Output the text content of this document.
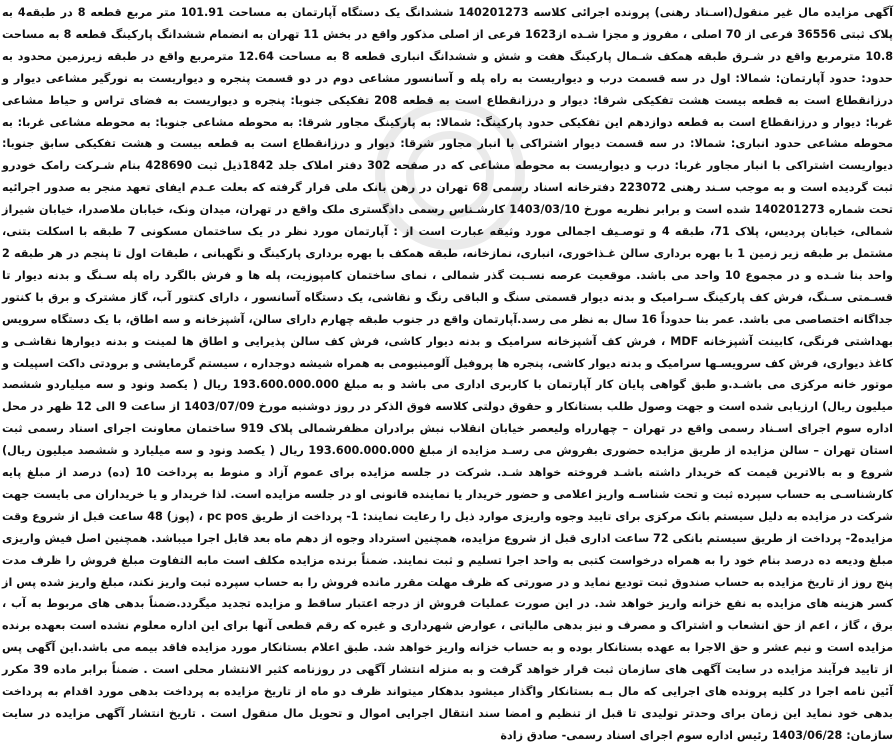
آگهی مزایده مال غیر منقول(اسـناد رهنی) پرونده اجرائی کلاسه 140201273 ششدانگ یک دستگاه آپارتمان به مساحت 101.91 متر مربع قطعه 8 در طبقه4 به پلاک ثبتی 36556 فرعی از 70 اصلی ، مفروز و مجزا شـده از1623 فرعی از اصلی مذکور واقع در بخش 11 تهران به انضمام ششدانگ پارکینگ قطعه 8 به مساحت 10.8 مترمربع واقع در شـرق طبقه همکف شـمال پارکینگ هفت و شش و ششدانگ انباری قطعه 8 به مساحت 12.64 مترمربع واقع در طبقه زیرزمین محدود به حدود: حدود آپارتمان: شمالا: اول در سه قسمت درب و دیواریست به راه پله و آسانسور مشاعی دوم در دو قسمت پنجره و دیواریست به نورگیر مشاعی دیوار و درزانقطاع است به قطعه بیست هشت تفکیکی شرقا: دیوار و درزانقطاع است به قطعه 208 تفکیکی جنوبا: پنجره و دیواریست به فضای تراس و حیاط مشاعی غربا: دیوار و درزانقطاع است به قطعه دوازدهم این تفکیکی حدود پارکینگ: شمالا: به پارکینگ مجاور شرقا: به محوطه مشاعی جنوبا: به محوطه مشاعی غربا: به محوطه مشاعی حدود انباری: شمالا: در سه قسمت دیوار اشتراکی با انبار مجاور شرقا: دیوار و درزانقطاع است به قطعه بیست و هشت تفکیکی سابق جنوبا: دیواریست اشتراکی با انبار مجاور غربا: درب و دیواریست به محوطه مشاعی که در صفحه 302 دفتر املاک جلد 1842ذیل ثبت 428690 بنام شـرکت رامک خودرو ثبت گردیده است و به موجب سـند رهنی 223072 دفترخانه اسناد رسمی 68 تهران در رهن بانک ملی قرار گرفته که بعلت عـدم ایفای تعهد منجر به صدور اجرائیه تحت شماره 140201273 شده است و برابر نظریه مورخ 1403/03/10 کارشـناس رسمی دادگستری ملک واقع در تهران، میدان ونک، خیابان ملاصدرا، خیابان شیراز شمالی، خیابان پردیس، پلاک 71، طبقه 4 و توصـیف اجمالی مورد وثیقه عبارت است از : آپارتمان مورد نظر در یک ساختمان مسکونی 7 طبقه با اسکلت بتنی، مشتمل بر طبقه زیر زمین 1 با بهره برداری سالن غـذاخوری، انباری، نمازخانه، طبقه همکف با بهره برداری پارکینگ و نگهبانی ، طبقات اول تا پنجم در هر طبقه 2 واحد بنا شـده و در مجموع 10 واحد می باشد. موقعیت عرصه نسـبت گذر شمالی ، نمای ساختمان کامپوزیت، پله ها و فرش بالگرد راه پله سـنگ و بدنه دیوار تا قسـمتی سـنگ، فرش کف پارکینگ سـرامیک و بدنه دیوار قسمتی سنگ و الباقی رنگ و نقاشی، یک دستگاه آسانسور ، دارای کنتور آب، گاز مشترک و برق با کنتور جداگانه اختصاصی می باشد. عمر بنا حدوداً 16 سال به نظر می رسد.آپارتمان واقع در جنوب طبقه چهارم دارای سالن، آشپزخانه و سه اطاق، با یک دستگاه سرویس بهداشتی فرنگی، کابینت آشپزخانه MDF ، فرش کف آشپزخانه سرامیک و بدنه دیوار کاشی، فرش کف سالن پذیرایی و اطاق ها لمینت و بدنه دیوارها نقاشـی و کاغذ دیواری، فرش کف سرویسـها سرامیک و بدنه دیوار کاشی، پنجره ها پروفیل آلومینیومی به همراه شیشه دوجداره ، سیستم گرمایشی و برودتی داکت اسپیلت و موتور خانه مرکزی می باشـد.و طبق گواهی پایان کار آپارتمان با کاربری اداری می باشد و به مبلغ 193.600.000.000 ریال ( یکصد ونود و سه میلیاردو ششصد میلیون ریال) ارزیابی شده است و جهت وصول طلب بستانکار و حقوق دولتی کلاسه فوق الذکر در روز دوشنبه مورخ 1403/07/09 از ساعت 9 الی 12 ظهر در محل اداره سوم اجرای اسـناد رسمی واقع در تهران – چهارراه ولیعصر خیابان انقلاب نبش برادران مظفرشمالی پلاک 919 ساختمان معاونت اجرای اسناد رسمی ثبت استان تهران – سالن مزایده از طریق مزایده حضوری بفروش می رسـد مزایده از مبلغ 193.600.000.000 ریال ( یکصد ونود و سه میلیارد و ششصد میلیون ریال) شروع و به بالاترین قیمت که خریدار داشته باشـد فروخته خواهد شـد. شرکت در جلسه مزایده برای عموم آزاد و منوط به پرداخت 10 (ده) درصد از مبلغ پایه کارشناسـی به حساب سپرده ثبت و تحت شناسـه واریز اعلامی و حضور خریدار یا نماینده قانونی او در جلسه مزایده است. لذا خریدار و یا خریداران می بایست جهت شرکت در مزایده به دلیل سیستم بانک مرکزی برای تایید وجوه واریزی موارد ذیل را رعایت نمایند: 1- پرداخت از طریق pc pos ، (پوز) 48 ساعت قبل از شروع وقت مزایده2- پرداخت از طریق سیستم بانکی 72 ساعت اداری قبل از شروع مزایده، همچنین استرداد وجوه از دهم ماه بعد قابل اجرا میباشد. همچنین اصل فیش واریزی مبلغ ودیعه ده درصد بنام خود را به همراه درخواست کتبی به واحد اجرا تسلیم و ثبت نمایند. ضمناً برنده مزایده مکلف است مابه التفاوت مبلغ فروش را ظرف مدت پنج روز از تاریخ مزایده به حساب صندوق ثبت تودیع نماید و در صورتی که ظرف مهلت مقرر مانده فروش را به حساب سپرده ثبت واریز نکند، مبلغ واریز شده پس از کسر هزینه های مزایده به نفع خزانه واریز خواهد شد. در این صورت عملیات فروش از درجه اعتبار ساقط و مزایده تجدید میگردد.ضمناً بدهی های مربوط به آب ، برق ، گاز ، اعم از حق انشعاب و اشتراک و مصرف و نیز بدهی مالیاتی ، عوارض شهرداری و غیره که رقم قطعی آنها برای این اداره معلوم نشده است بعهده برنده مزایده است و نیم عشر و حق الاجرا به عهده بستانکار بوده و به حساب خزانه واریز خواهد شد. طبق اعلام بستانکار مورد مزایده فاقد بیمه می باشد.این آگهی پس از تایید فرآیند مزایده در سایت آگهی های سازمان ثبت قرار خواهد گرفت و به منزله انتشار آگهی در روزنامه کثیر الانتشار محلی است . ضمناً برابر ماده 39 مکرر آئین نامه اجرا در کلیه پرونده های اجرایی که مال بـه بستانکار واگذار میشود بدهکار میتواند ظرف دو ماه از تاریخ مزایده به پرداخت بدهی مورد اقدام به پرداخت بدهی خود نماید این زمان برای وحدتر تولیدی تا قبل از تنظیم و امضا سند انتقال اجرایی اموال و تحویل مال منقول است . تاریخ انتشار آگهی مزایده در سایت سازمان: 1403/06/28 رئیس اداره سوم اجرای اسناد رسمی- صادق زادة
